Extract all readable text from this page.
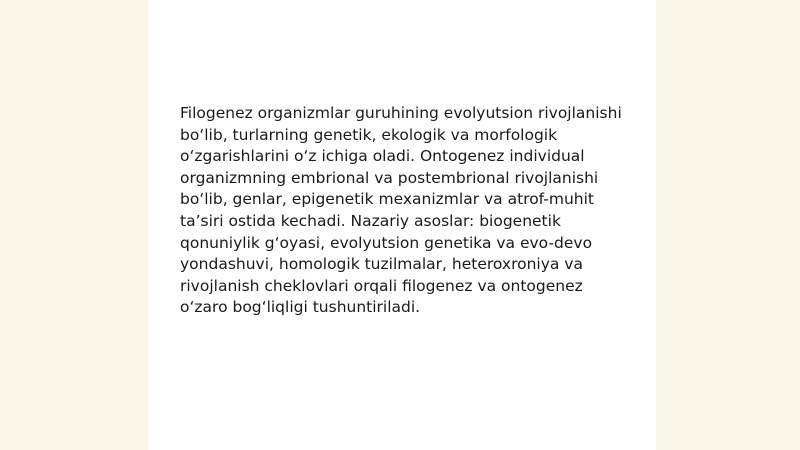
Filogenez organizmlar guruhining evolyutsion rivojlanishi bo‘lib, turlarning genetik, ekologik va morfologik o‘zgarishlarini o‘z ichiga oladi. Ontogenez individual organizmning embrional va postembrional rivojlanishi bo‘lib, genlar, epigenetik mexanizmlar va atrof-muhit ta’siri ostida kechadi. Nazariy asoslar: biogenetik qonuniylik g‘oyasi, evolyutsion genetika va evo-devo yondashuvi, homologik tuzilmalar, heteroxroniya va rivojlanish cheklovlari orqali filogenez va ontogenez o‘zaro bog‘liqligi tushuntiriladi.
